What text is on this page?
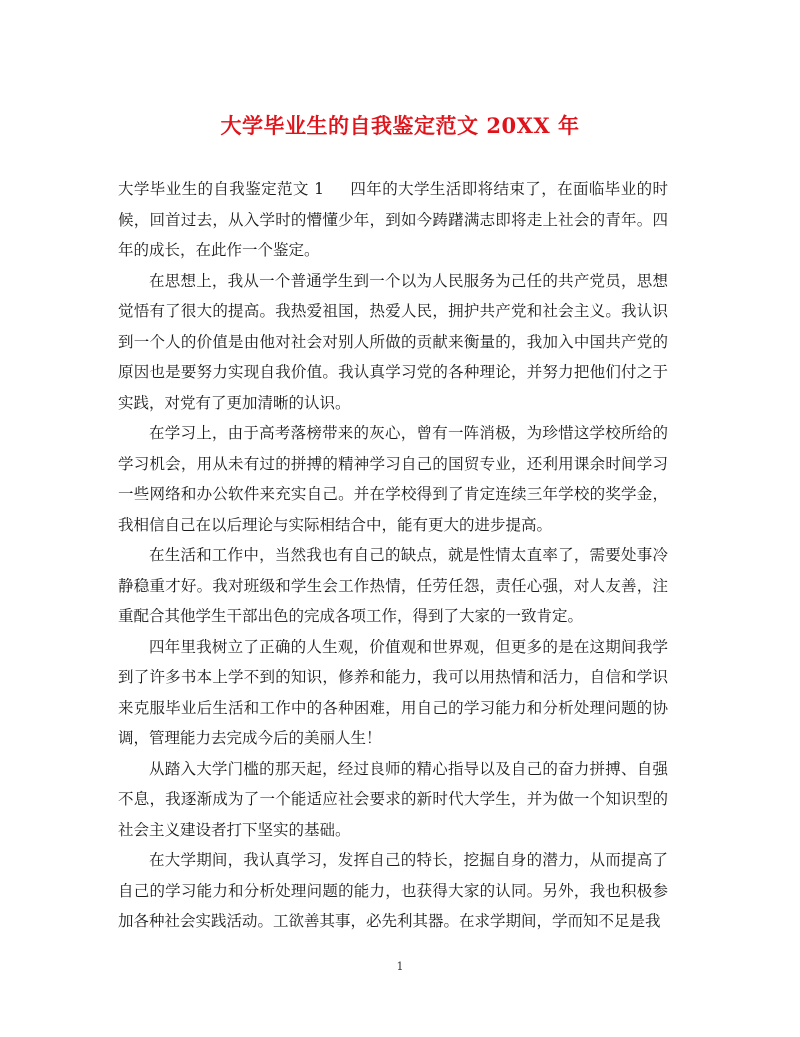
大学毕业生的自我鉴定范文 20XX 年

大学毕业生的自我鉴定范文 1 四年的大学生活即将结束了，在面临毕业的时候，回首过去，从入学时的懵懂少年，到如今踌躇满志即将走上社会的青年。四年的成长，在此作一个鉴定。

在思想上，我从一个普通学生到一个以为人民服务为己任的共产党员，思想觉悟有了很大的提高。我热爱祖国，热爱人民，拥护共产党和社会主义。我认识到一个人的价值是由他对社会对别人所做的贡献来衡量的，我加入中国共产党的原因也是要努力实现自我价值。我认真学习党的各种理论，并努力把他们付之于实践，对党有了更加清晰的认识。

在学习上，由于高考落榜带来的灰心，曾有一阵消极，为珍惜这学校所给的学习机会，用从未有过的拼搏的精神学习自己的国贸专业，还利用课余时间学习一些网络和办公软件来充实自己。并在学校得到了肯定连续三年学校的奖学金，我相信自己在以后理论与实际相结合中，能有更大的进步提高。

在生活和工作中，当然我也有自己的缺点，就是性情太直率了，需要处事冷静稳重才好。我对班级和学生会工作热情，任劳任怨，责任心强，对人友善，注重配合其他学生干部出色的完成各项工作，得到了大家的一致肯定。

四年里我树立了正确的人生观，价值观和世界观，但更多的是在这期间我学到了许多书本上学不到的知识，修养和能力，我可以用热情和活力，自信和学识来克服毕业后生活和工作中的各种困难，用自己的学习能力和分析处理问题的协调，管理能力去完成今后的美丽人生！

从踏入大学门槛的那天起，经过良师的精心指导以及自己的奋力拼搏、自强不息，我逐渐成为了一个能适应社会要求的新时代大学生，并为做一个知识型的社会主义建设者打下坚实的基础。

在大学期间，我认真学习，发挥自己的特长，挖掘自身的潜力，从而提高了自己的学习能力和分析处理问题的能力，也获得大家的认同。另外，我也积极参加各种社会实践活动。工欲善其事，必先利其器。在求学期间，学而知不足是我

1
